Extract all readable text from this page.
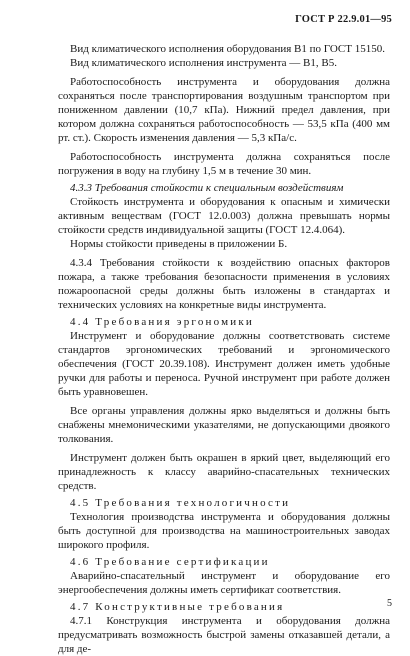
ГОСТ Р 22.9.01—95

Вид климатического исполнения оборудования В1 по ГОСТ 15150.

Вид климатического исполнения инструмента — В1, В5.

Работоспособность инструмента и оборудования должна сохраняться после транспортирования воздушным транспортом при пониженном давлении (10,7 кПа). Нижний предел давления, при котором должна сохраняться работоспособность — 53,5 кПа (400 мм рт. ст.). Скорость изменения давления — 5,3 кПа/с.

Работоспособность инструмента должна сохраняться после погружения в воду на глубину 1,5 м в течение 30 мин.

4.3.3 Требования стойкости к специальным воздействиям

Стойкость инструмента и оборудования к опасным и химически активным веществам (ГОСТ 12.0.003) должна превышать нормы стойкости средств индивидуальной защиты (ГОСТ 12.4.064).

Нормы стойкости приведены в приложении Б.

4.3.4 Требования стойкости к воздействию опасных факторов пожара, а также требования безопасности применения в условиях пожароопасной среды должны быть изложены в стандартах и технических условиях на конкретные виды инструмента.

4.4 Требования эргономики

Инструмент и оборудование должны соответствовать системе стандартов эргономических требований и эргономического обеспечения (ГОСТ 20.39.108). Инструмент должен иметь удобные ручки для работы и переноса. Ручной инструмент при работе должен быть уравновешен.

Все органы управления должны ярко выделяться и должны быть снабжены мнемоническими указателями, не допускающими двоякого толкования.

Инструмент должен быть окрашен в яркий цвет, выделяющий его принадлежность к классу аварийно-спасательных технических средств.

4.5 Требования технологичности

Технология производства инструмента и оборудования должны быть доступной для производства на машиностроительных заводах широкого профиля.

4.6 Требование сертификации

Аварийно-спасательный инструмент и оборудование его энергообеспечения должны иметь сертификат соответствия.

4.7 Конструктивные требования

4.7.1 Конструкция инструмента и оборудования должна предусматривать возможность быстрой замены отказавшей детали, а для де-

5
